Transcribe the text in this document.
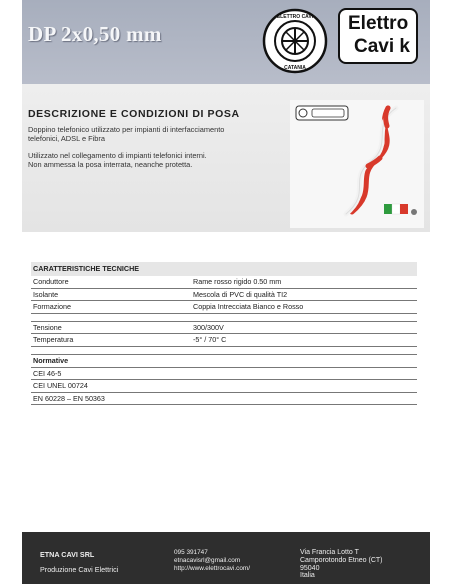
DP 2x0,50 mm
ELETTRO CAVI
CATANIA
Elettro
Cavi k
DESCRIZIONE E CONDIZIONI DI POSA
Doppino telefonico utilizzato per impianti di interfacciamento
telefonici, ADSL e Fibra
Utilizzato nel collegamento di impianti telefonici interni.
Non ammessa la posa interrata, neanche protetta.
CARATTERISTICHE TECNICHE
Conduttore	Rame rosso rigido 0.50 mm
Isolante	Mescola di PVC di qualità TI2
Formazione	Coppia Intrecciata Bianco e Rosso
Tensione	300/300V
Temperatura	-5° / 70° C
Normative
CEI 46-5
CEI UNEL 00724
EN 60228 – EN 50363
ETNA CAVI SRL
Produzione Cavi Elettrici
095 391747
etnacavisrl@gmail.com
http://www.elettrocavi.com/
Via Francia Lotto T
Camporotondo Etneo (CT)
95040
Italia
